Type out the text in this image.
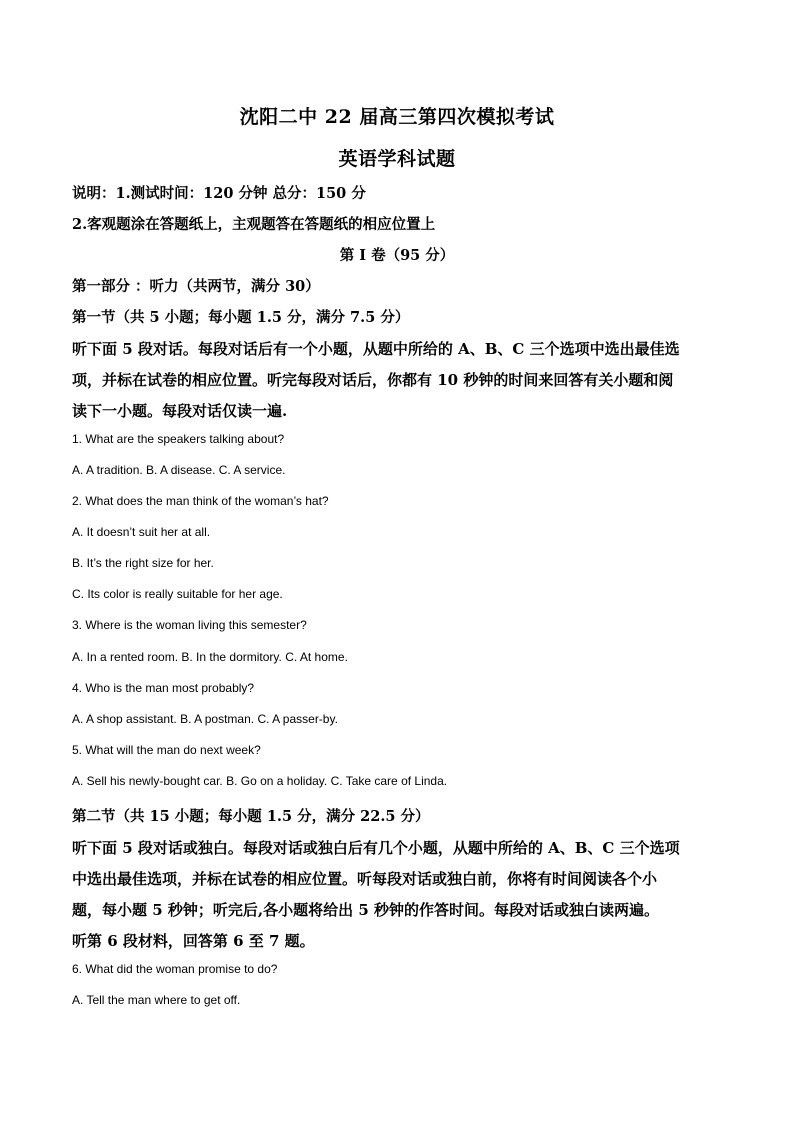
沈阳二中 22 届高三第四次模拟考试
英语学科试题
说明：1.测试时间：120 分钟 总分：150 分
2.客观题涂在答题纸上，主观题答在答题纸的相应位置上
第 I 卷（95 分）
第一部分 ：听力（共两节，满分 30）
第一节（共 5 小题；每小题 1.5 分，满分 7.5 分）
听下面 5 段对话。每段对话后有一个小题，从题中所给的 A、B、C 三个选项中选出最佳选
项，并标在试卷的相应位置。听完每段对话后，你都有 10 秒钟的时间来回答有关小题和阅
读下一小题。每段对话仅读一遍.
1. What are the speakers talking about?
A. A tradition. B. A disease. C. A service.
2. What does the man think of the woman’s hat?
A. It doesn’t suit her at all.
B. It’s the right size for her.
C. Its color is really suitable for her age.
3. Where is the woman living this semester?
A. In a rented room. B. In the dormitory. C. At home.
4. Who is the man most probably?
A. A shop assistant. B. A postman. C. A passer-by.
5. What will the man do next week?
A. Sell his newly-bought car. B. Go on a holiday. C. Take care of Linda.
第二节（共 15 小题；每小题 1.5 分，满分 22.5 分）
听下面 5 段对话或独白。每段对话或独白后有几个小题，从题中所给的 A、B、C 三个选项
中选出最佳选项，并标在试卷的相应位置。听每段对话或独白前，你将有时间阅读各个小
题，每小题 5 秒钟；听完后,各小题将给出 5 秒钟的作答时间。每段对话或独白读两遍。
听第 6 段材料，回答第 6 至 7 题。
6. What did the woman promise to do?
A. Tell the man where to get off.
